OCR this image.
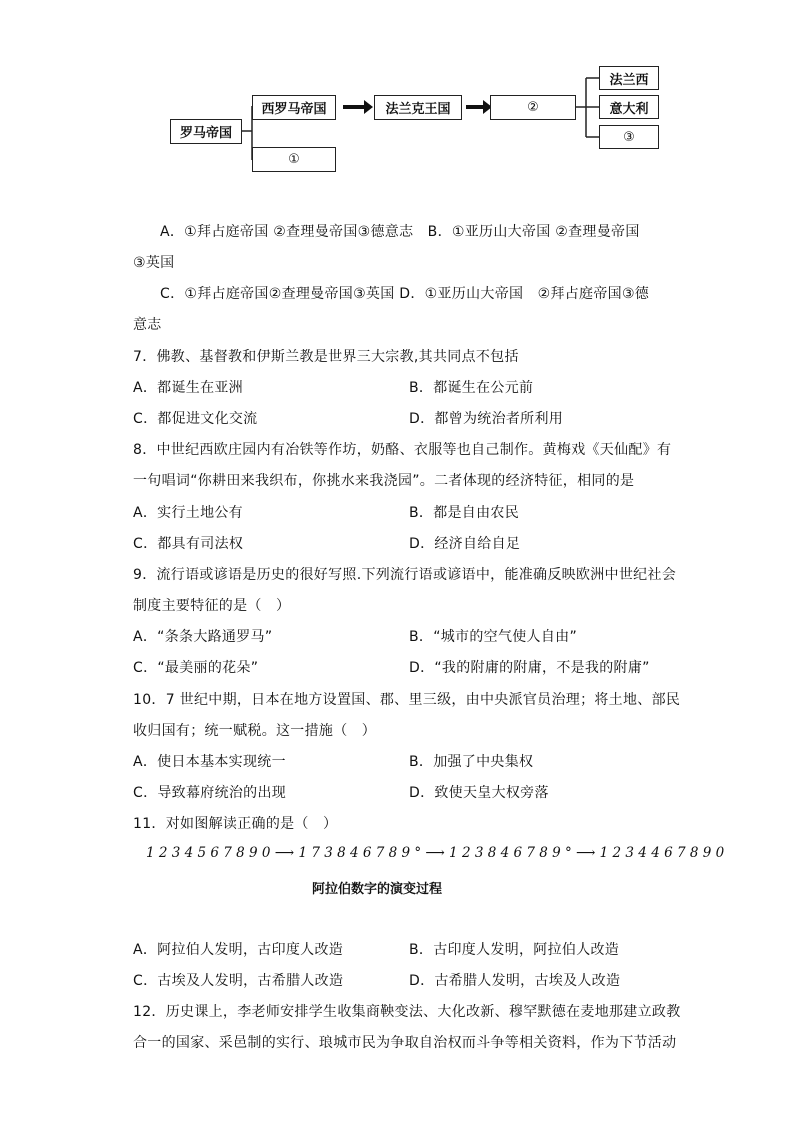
罗马帝国
西罗马帝国
①
法兰克王国	②
法兰西
意大利
③
A．①拜占庭帝国 ②查理曼帝国③德意志　B．①亚历山大帝国 ②查理曼帝国
③英国
C．①拜占庭帝国②查理曼帝国③英国 D．①亚历山大帝国　②拜占庭帝国③德
意志
7．佛教、基督教和伊斯兰教是世界三大宗教,其共同点不包括
A．都诞生在亚洲	B．都诞生在公元前
C．都促进文化交流	D．都曾为统治者所利用
8．中世纪西欧庄园内有冶铁等作坊，奶酪、衣服等也自己制作。黄梅戏《天仙配》有
一句唱词“你耕田来我织布，你挑水来我浇园”。二者体现的经济特征，相同的是
A．实行土地公有	B．都是自由农民
C．都具有司法权	D．经济自给自足
9．流行语或谚语是历史的很好写照.下列流行语或谚语中，能准确反映欧洲中世纪社会
制度主要特征的是（　）
A．“条条大路通罗马”	B．“城市的空气使人自由”
C．“最美丽的花朵”	D．“我的附庸的附庸，不是我的附庸”
10．7 世纪中期，日本在地方设置国、郡、里三级，由中央派官员治理；将土地、部民
收归国有；统一赋税。这一措施（　）
A．使日本基本实现统一	B．加强了中央集权
C．导致幕府统治的出现	D．致使天皇大权旁落
11．对如图解读正确的是（　）
1 2 3 4 5 6 7 8 9 0 ⟶ 1 7 3 8 4 6 7 8 9 ° ⟶ 1 2 3 8 4 6 7 8 9 ° ⟶ 1 2 3 4 4 6 7 8 9 0
阿拉伯数字的演变过程
A．阿拉伯人发明，古印度人改造	B．古印度人发明，阿拉伯人改造
C．古埃及人发明，古希腊人改造	D．古希腊人发明，古埃及人改造
12．历史课上，李老师安排学生收集商鞅变法、大化改新、穆罕默德在麦地那建立政教
合一的国家、采邑制的实行、琅城市民为争取自治权而斗争等相关资料，作为下节活动
